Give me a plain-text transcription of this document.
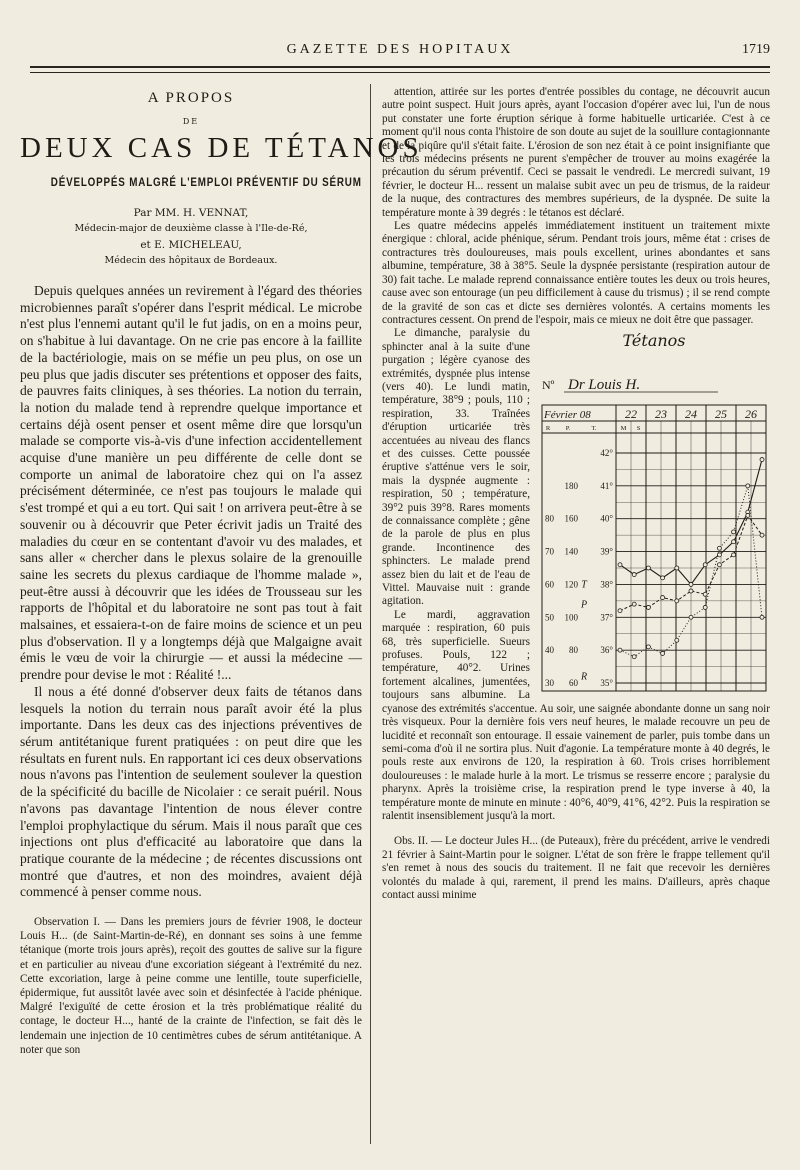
GAZETTE DES HOPITAUX	1719
A PROPOS
DE
DEUX CAS DE TÉTANOS
DÉVELOPPÉS MALGRÉ L'EMPLOI PRÉVENTIF DU SÉRUM
Par MM. H. VENNAT,
Médecin-major de deuxième classe à l'Ile-de-Ré,
et E. MICHELEAU,
Médecin des hôpitaux de Bordeaux.

Depuis quelques années un revirement à l'égard des théories microbiennes paraît s'opérer dans l'esprit médical. Le microbe n'est plus l'ennemi autant qu'il le fut jadis, on en a moins peur, on s'habitue à lui davantage. On ne crie pas encore à la faillite de la bactériologie, mais on se méfie un peu plus, on ose un peu plus que jadis discuter ses prétentions et opposer des faits, de pauvres faits cliniques, à ses théories. La notion du terrain, la notion du malade tend à reprendre quelque importance et certains déjà osent penser et osent même dire que lorsqu'un malade se comporte vis-à-vis d'une infection accidentellement acquise d'une manière un peu différente de celle dont se comporte un animal de laboratoire chez qui on l'a assez précisément déterminée, ce n'est pas toujours le malade qui s'est trompé et qui a eu tort. Qui sait ! on arrivera peut-être à se souvenir ou à découvrir que Peter écrivit jadis un Traité des maladies du cœur en se contentant d'avoir vu des malades, et sans aller « chercher dans le plexus solaire de la grenouille saine les secrets du plexus cardiaque de l'homme malade », peut-être aussi à découvrir que les idées de Trousseau sur les rapports de l'hôpital et du laboratoire ne sont pas tout à fait malsaines, et essaiera-t-on de faire moins de science et un peu plus d'observation. Il y a longtemps déjà que Malgaigne avait émis le vœu de voir la chirurgie — et aussi la médecine — prendre pour devise le mot : Réalité !...

Il nous a été donné d'observer deux faits de tétanos dans lesquels la notion du terrain nous paraît avoir été la plus importante. Dans les deux cas des injections préventives de sérum antitétanique furent pratiquées : on peut dire que les résultats en furent nuls. En rapportant ici ces deux observations nous n'avons pas l'intention de seulement soulever la question de la spécificité du bacille de Nicolaier : ce serait puéril. Nous n'avons pas davantage l'intention de nous élever contre l'emploi prophylactique du sérum. Mais il nous paraît que ces injections ont plus d'efficacité au laboratoire que dans la pratique courante de la médecine ; de récentes discussions ont montré que d'autres, et non des moindres, avaient déjà commencé à penser comme nous.

Observation I. — Dans les premiers jours de février 1908, le docteur Louis H... (de Saint-Martin-de-Ré), en donnant ses soins à une femme tétanique (morte trois jours après), reçoit des gouttes de salive sur la figure et en particulier au niveau d'une excoriation siégeant à l'extrémité du nez. Cette excoriation, large à peine comme une lentille, toute superficielle, épidermique, fut aussitôt lavée avec soin et désinfectée à l'acide phénique. Malgré l'exiguïté de cette érosion et la très problématique réalité du contage, le docteur H..., hanté de la crainte de l'infection, se fait dès le lendemain une injection de 10 centimètres cubes de sérum antitétanique. A noter que son

attention, attirée sur les portes d'entrée possibles du contage, ne découvrit aucun autre point suspect. Huit jours après, ayant l'occasion d'opérer avec lui, l'un de nous put constater une forte éruption sérique à forme habituelle urticariée. C'est à ce moment qu'il nous conta l'histoire de son doute au sujet de la souillure contagionnante et de la piqûre qu'il s'était faite. L'érosion de son nez était à ce point insignifiante que les trois médecins présents ne purent s'empêcher de trouver au moins exagérée la précaution du sérum préventif. Ceci se passait le vendredi. Le mercredi suivant, 19 février, le docteur H... ressent un malaise subit avec un peu de trismus, de la raideur de la nuque, des contractures des membres supérieurs, de la dyspnée. De suite la température monte à 39 degrés : le tétanos est déclaré.

Les quatre médecins appelés immédiatement instituent un traitement mixte énergique : chloral, acide phénique, sérum. Pendant trois jours, même état : crises de contractures très douloureuses, mais pouls excellent, urines abondantes et sans albumine, température, 38 à 38°5. Seule la dyspnée persistante (respiration autour de 30) fait tache. Le malade reprend connaissance entière toutes les deux ou trois heures, cause avec son entourage (un peu difficilement à cause du trismus) ; il se rend compte de la gravité de son cas et dicte ses dernières volontés. A certains moments les contractures cessent. On prend de l'espoir, mais ce mieux ne doit être que passager.

Tétanos
Nº Dr Louis H.
Février 08	22 23 24 25 26
R P.	T.	M S
42°
41°
40°
39°
38°
37°
36°
35°
180
160
140
120
100
80
60
80
70
60
50
40
30
T
P
R

Le dimanche, paralysie du sphincter anal à la suite d'une purgation ; légère cyanose des extrémités, dyspnée plus intense (vers 40). Le lundi matin, température, 38°9 ; pouls, 110 ; respiration, 33. Traînées d'éruption urticariée très accentuées au niveau des flancs et des cuisses. Cette poussée éruptive s'atténue vers le soir, mais la dyspnée augmente : respiration, 50 ; température, 39°2 puis 39°8. Rares moments de connaissance complète ; gêne de la parole de plus en plus grande. Incontinence des sphincters. Le malade prend assez bien du lait et de l'eau de Vittel. Mauvaise nuit : grande agitation.

Le mardi, aggravation marquée : respiration, 60 puis 68, très superficielle. Sueurs profuses. Pouls, 122 ; température, 40°2. Urines fortement alcalines, jumentées, toujours sans albumine. La cyanose des extrémités s'accentue. Au soir, une saignée abondante donne un sang noir très visqueux. Pour la dernière fois vers neuf heures, le malade recouvre un peu de lucidité et reconnaît son entourage. Il essaie vainement de parler, puis tombe dans un semi-coma d'où il ne sortira plus. Nuit d'agonie. La température monte à 40 degrés, le pouls reste aux environs de 120, la respiration à 60. Trois crises horriblement douloureuses : le malade hurle à la mort. Le trismus se resserre encore ; paralysie du pharynx. Après la troisième crise, la respiration prend le type inverse à 40, la température monte de minute en minute : 40°6, 40°9, 41°6, 42°2. Puis la respiration se ralentit insensiblement jusqu'à la mort.

Obs. II. — Le docteur Jules H... (de Puteaux), frère du précédent, arrive le vendredi 21 février à Saint-Martin pour le soigner. L'état de son frère le frappe tellement qu'il s'en remet à nous des soucis du traitement. Il ne fait que recevoir les dernières volontés du malade à qui, rarement, il prend les mains. D'ailleurs, après chaque contact aussi minime
